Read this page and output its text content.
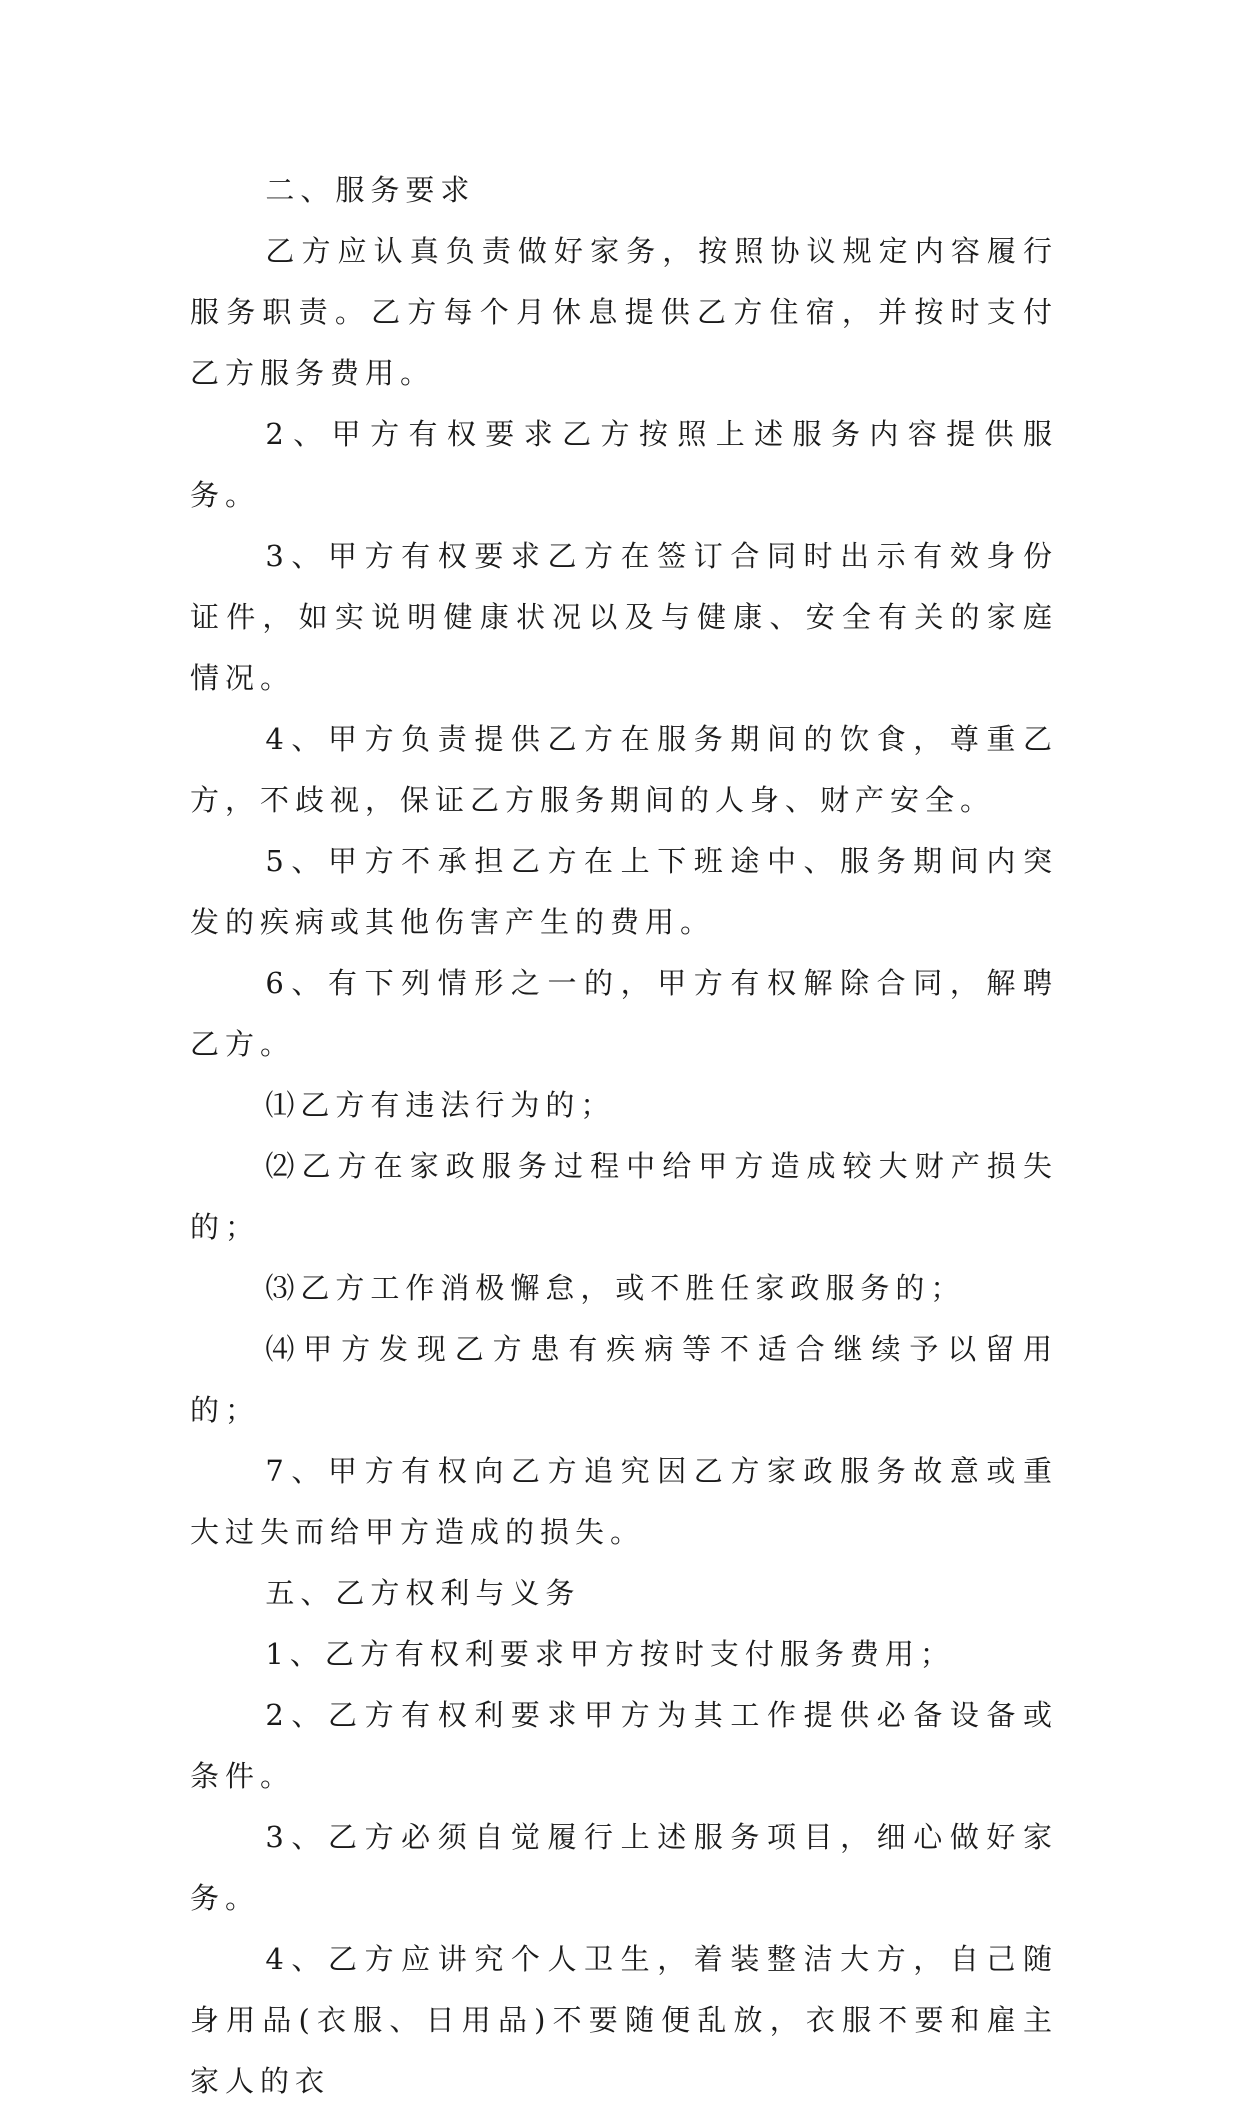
二、服务要求

乙方应认真负责做好家务，按照协议规定内容履行服务职责。乙方每个月休息提供乙方住宿，并按时支付乙方服务费用。

2、甲方有权要求乙方按照上述服务内容提供服务。

3、甲方有权要求乙方在签订合同时出示有效身份证件，如实说明健康状况以及与健康、安全有关的家庭情况。

4、甲方负责提供乙方在服务期间的饮食，尊重乙方，不歧视，保证乙方服务期间的人身、财产安全。

5、甲方不承担乙方在上下班途中、服务期间内突发的疾病或其他伤害产生的费用。

6、有下列情形之一的，甲方有权解除合同，解聘乙方。

⑴乙方有违法行为的；

⑵乙方在家政服务过程中给甲方造成较大财产损失的；

⑶乙方工作消极懈怠，或不胜任家政服务的；

⑷甲方发现乙方患有疾病等不适合继续予以留用的；

7、甲方有权向乙方追究因乙方家政服务故意或重大过失而给甲方造成的损失。

五、乙方权利与义务

1、乙方有权利要求甲方按时支付服务费用；

2、乙方有权利要求甲方为其工作提供必备设备或条件。

3、乙方必须自觉履行上述服务项目，细心做好家务。

4、乙方应讲究个人卫生，着装整洁大方，自己随身用品(衣服、日用品)不要随便乱放，衣服不要和雇主家人的衣
